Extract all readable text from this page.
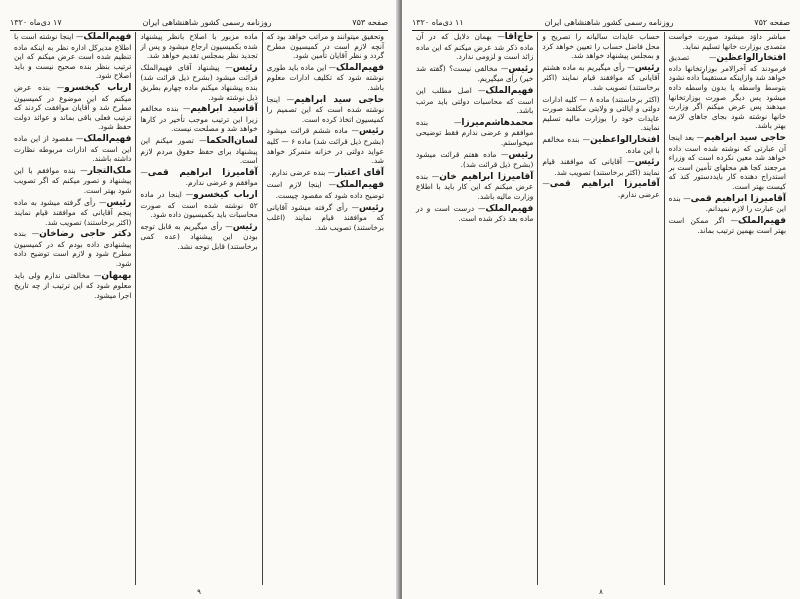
صفحه ۷۵۳
روزنامه رسمی کشور شاهنشاهی ایران
۱۷ دی‌ماه ۱۳۲۰

وتحقیق میتوانند و مراتب خواهد بود که آنچه لازم است در کمیسیون مطرح گردد و نظر آقایان تأمین شود.

فهیم‌الملک— این ماده باید طوری نوشته شود که تکلیف ادارات معلوم باشد.

حاجی سید ابراهیم— اینجا نوشته شده است که این تصمیم را کمیسیون اتخاذ کرده است.

رئیس— ماده ششم قرائت میشود (بشرح ذیل قرائت شد) ماده ۶ — کلیه عواید دولتی در خزانه متمرکز خواهد شد.

آقای اعتبار— بنده عرضی ندارم.

فهیم‌الملک— اینجا لازم است توضیح داده شود که مقصود چیست.

رئیس— رأی گرفته میشود آقایانی که موافقند قیام نمایند (اغلب برخاستند) تصویب شد.

ماده مزبور با اصلاح بانظر پیشنهاد شده بکمیسیون ارجاع میشود و پس از تجدید نظر بمجلس تقدیم خواهد شد.

رئیس— پیشنهاد آقای فهیم‌الملک قرائت میشود (بشرح ذیل قرائت شد) بنده پیشنهاد میکنم ماده چهارم بطریق ذیل نوشته شود.

آقاسید ابراهیم— بنده مخالفم زیرا این ترتیب موجب تأخیر در کارها خواهد شد و مصلحت نیست.

لسان‌الحکما— تصور میکنم این پیشنهاد برای حفظ حقوق مردم لازم است.

آقامیرزا ابراهیم قمی— موافقم و عرضی ندارم.

ارباب کیخسرو— اینجا در ماده ۵۲ نوشته شده است که صورت محاسبات باید بکمیسیون داده شود.

رئیس— رأی میگیریم به قابل توجه بودن این پیشنهاد (عده کمی برخاستند) قابل توجه نشد.

فهیم‌الملک— اینجا نوشته است با اطلاع مدیرکل اداره نظر به اینکه ماده تنظیم شده است عرض میکنم که این ترتیب بنظر بنده صحیح نیست و باید اصلاح شود.

ارباب کیخسرو— بنده عرض میکنم که این موضوع در کمیسیون مطرح شد و آقایان موافقت کردند که ترتیب فعلی باقی بماند و عوائد دولت حفظ شود.

فهیم‌الملک— مقصود از این ماده این است که ادارات مربوطه نظارت داشته باشند.

ملک‌التجار— بنده موافقم با این پیشنهاد و تصور میکنم که اگر تصویب شود بهتر است.

رئیس— رأی گرفته میشود به ماده پنجم آقایانی که موافقند قیام نمایند (اکثر برخاستند) تصویب شد.

دکتر حاجی رضاخان— بنده پیشنهادی داده بودم که در کمیسیون مطرح شود و لازم است توضیح داده شود.

بهبهان— مخالفتی ندارم ولی باید معلوم شود که این ترتیب از چه تاریخ اجرا میشود.

۹
صفحه ۷۵۲
روزنامه رسمی کشور شاهنشاهی ایران
۱۱ دی‌ماه ۱۳۲۰

مباشر داوَد میشود صورت خواست متصدی بوزارت خانها تسلیم نماید.

افتخارالواعظین— تصدیق فرمودند که آخرالامر بوزارتخانها داده خواهد شد وازاینکه مستقیماً داده نشود بتوسط واسطه یا بدون واسطه داده میشود پس دیگر صورت بوزارتخانها میدهند پس عرض میکنم اگر وزارت خانها نوشته شود بجای جاهای لازمه بهتر باشد.

حاجی سید ابراهیم— بعد اینجا آن عبارتی که نوشته شده است داده خواهد شد معین نکرده است که وزراء مرجعند کجا هم محلهای تأمین است بر استدراج دهنده کار بایددستور کند که کیست بهتر است.

آقامیرزا ابراهیم قمی— بنده این عبارت را لازم نمیدانم.

فهیم‌الملک— اگر ممکن است بهتر است بهمین ترتیب بماند.

حساب عایدات سالیانه را تصریح و محل فاضل حساب را تعیین خواهد کرد و بمجلس پیشنهاد خواهد شد.

رئیس— رأی میگیریم به ماده هشتم آقایانی که موافقند قیام نمایند (اکثر برخاستند) تصویب شد.

(اکثر برخاستند) ماده ۸ — کلیه ادارات دولتی و ایالتی و ولایتی مکلفند صورت عایدات خود را بوزارت مالیه تسلیم نمایند.

افتخارالواعظین— بنده مخالفم با این ماده.

رئیس— آقایانی که موافقند قیام نمایند (اکثر برخاستند) تصویب شد.

آقامیرزا ابراهیم قمی— عرضی ندارم.

حاج‌آقا— بهمان دلایل که در آن ماده ذکر شد عرض میکنم که این ماده زائد است و لزومی ندارد.

رئیس— مخالفی نیست؟ (گفته شد خیر) رأی میگیریم.

فهیم‌الملک— اصل مطلب این است که محاسبات دولتی باید مرتب باشد.

محمدهاشم‌میرزا— بنده موافقم و عرضی ندارم فقط توضیحی میخواستم.

رئیس— ماده هفتم قرائت میشود (بشرح ذیل قرائت شد).

آقامیرزا ابراهیم خان— بنده عرض میکنم که این کار باید با اطلاع وزارت مالیه باشد.

فهیم‌الملک— درست است و در ماده بعد ذکر شده است.

۸
